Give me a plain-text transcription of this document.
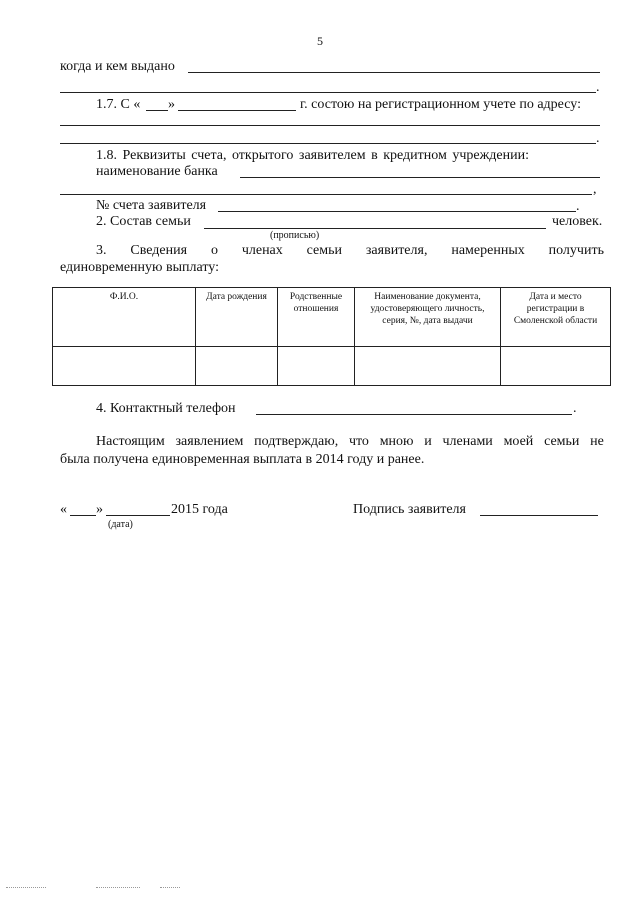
5
когда и кем выдано
.
1.7. С « »	г. состою на регистрационном учете по адресу:
.
1.8. Реквизиты счета, открытого заявителем в кредитном учреждении:
наименование банка
,
№ счета заявителя	.
2. Состав семьи	человек.
(прописью)
3. Сведения о членах семьи заявителя, намеренных получить
единовременную выплату:
Ф.И.О.	Дата рождения	Родственные отношения	Наименование документа, удостоверяющего личность, серия, №, дата выдачи	Дата и место регистрации в Смоленской области

4. Контактный телефон	.
Настоящим заявлением подтверждаю, что мною и членами моей семьи не
была получена единовременная выплата в 2014 году и ранее.
« »	2015 года
(дата)
Подпись заявителя
